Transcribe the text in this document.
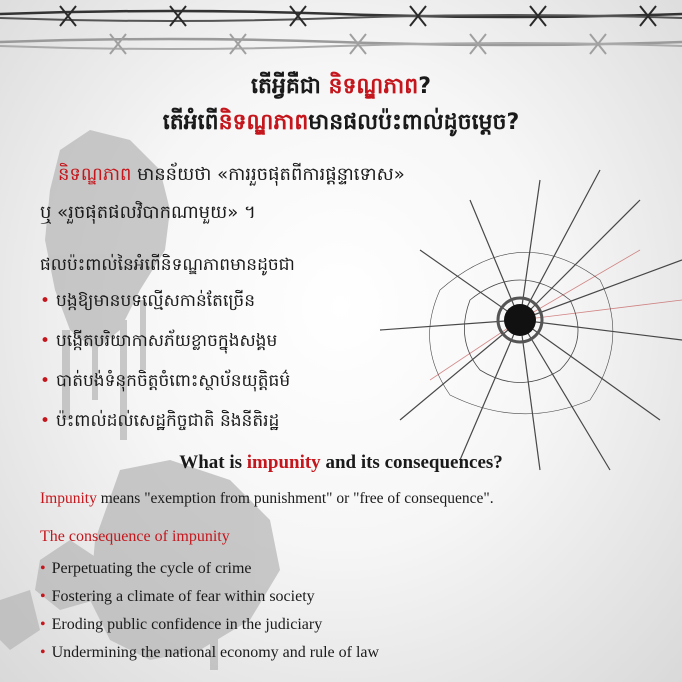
តើអ្វីគឺជា និទណ្ឌភាព?
តើអំពើនិទណ្ឌភាពមានផលប៉ះពាល់ដូចម្ដេច?
និទណ្ឌភាព មានន័យថា «ការរួចផុតពីការផ្ដន្ទាទោស»
ឬ «រួចផុតផលវិបាកណាមួយ» ។
ផលប៉ះពាល់នៃអំពើនិទណ្ឌភាពមានដូចជា
• បង្កឱ្យមានបទល្មើសកាន់តែច្រើន
• បង្កើតបរិយាកាសភ័យខ្លាចក្នុងសង្គម
• បាត់បង់ទំនុកចិត្តចំពោះស្ថាប័នយុត្តិធម៌
• ប៉ះពាល់ដល់សេដ្ឋកិច្ចជាតិ និងនីតិរដ្ឋ
What is impunity and its consequences?
Impunity means "exemption from punishment" or "free of consequence".
The consequence of impunity
• Perpetuating the cycle of crime
• Fostering a climate of fear within society
• Eroding public confidence in the judiciary
• Undermining the national economy and rule of law
